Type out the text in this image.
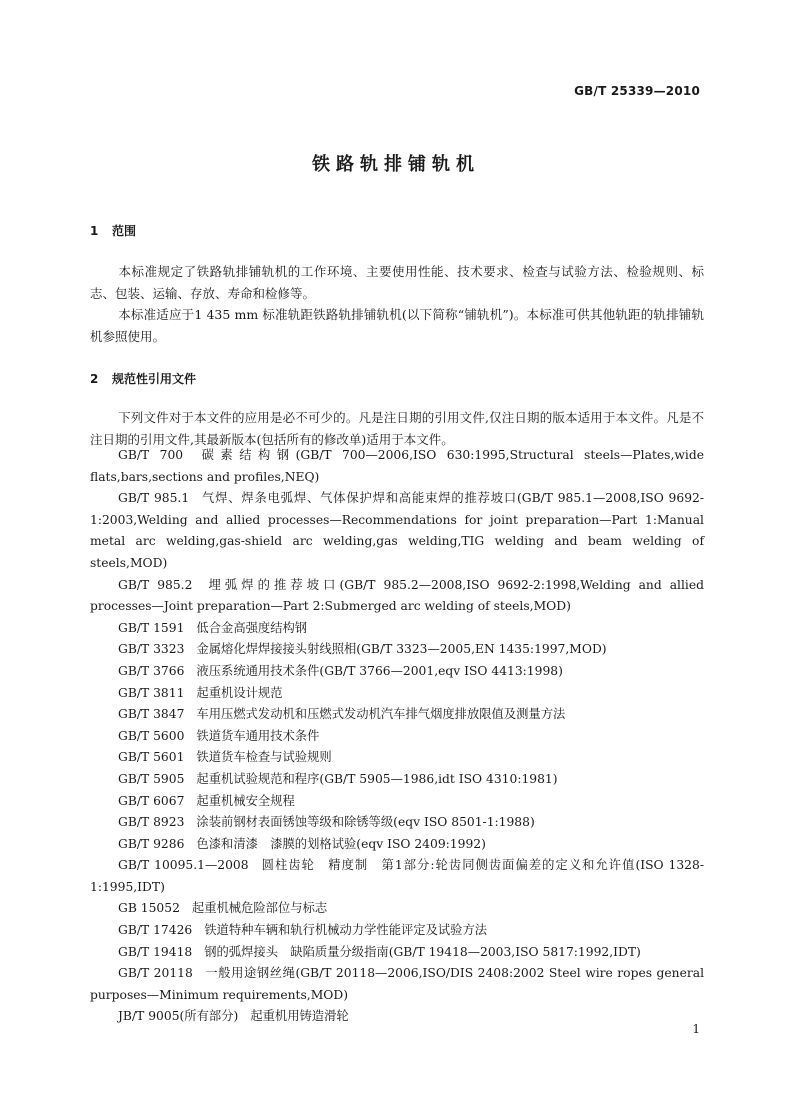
GB/T 25339—2010
铁路轨排铺轨机
1 范围
本标准规定了铁路轨排铺轨机的工作环境、主要使用性能、技术要求、检查与试验方法、检验规则、标志、包装、运输、存放、寿命和检修等。
本标准适应于1 435 mm 标准轨距铁路轨排铺轨机(以下简称“铺轨机”)。本标准可供其他轨距的轨排铺轨机参照使用。
2 规范性引用文件
下列文件对于本文件的应用是必不可少的。凡是注日期的引用文件,仅注日期的版本适用于本文件。凡是不注日期的引用文件,其最新版本(包括所有的修改单)适用于本文件。
GB/T 700 碳素结构钢(GB/T 700—2006,ISO 630:1995,Structural steels—Plates,wide flats,bars,sections and profiles,NEQ)
GB/T 985.1 气焊、焊条电弧焊、气体保护焊和高能束焊的推荐坡口(GB/T 985.1—2008,ISO 9692-1:2003,Welding and allied processes—Recommendations for joint preparation—Part 1:Manual metal arc welding,gas-shield arc welding,gas welding,TIG welding and beam welding of steels,MOD)
GB/T 985.2 埋弧焊的推荐坡口(GB/T 985.2—2008,ISO 9692-2:1998,Welding and allied processes—Joint preparation—Part 2:Submerged arc welding of steels,MOD)
GB/T 1591 低合金高强度结构钢
GB/T 3323 金属熔化焊焊接接头射线照相(GB/T 3323—2005,EN 1435:1997,MOD)
GB/T 3766 液压系统通用技术条件(GB/T 3766—2001,eqv ISO 4413:1998)
GB/T 3811 起重机设计规范
GB/T 3847 车用压燃式发动机和压燃式发动机汽车排气烟度排放限值及测量方法
GB/T 5600 铁道货车通用技术条件
GB/T 5601 铁道货车检查与试验规则
GB/T 5905 起重机试验规范和程序(GB/T 5905—1986,idt ISO 4310:1981)
GB/T 6067 起重机械安全规程
GB/T 8923 涂装前钢材表面锈蚀等级和除锈等级(eqv ISO 8501-1:1988)
GB/T 9286 色漆和清漆　漆膜的划格试验(eqv ISO 2409:1992)
GB/T 10095.1—2008 圆柱齿轮　精度制　第1部分:轮齿同侧齿面偏差的定义和允许值(ISO 1328-1:1995,IDT)
GB 15052 起重机械危险部位与标志
GB/T 17426 铁道特种车辆和轨行机械动力学性能评定及试验方法
GB/T 19418 钢的弧焊接头　缺陷质量分级指南(GB/T 19418—2003,ISO 5817:1992,IDT)
GB/T 20118 一般用途钢丝绳(GB/T 20118—2006,ISO/DIS 2408:2002 Steel wire ropes general purposes—Minimum requirements,MOD)
JB/T 9005(所有部分) 起重机用铸造滑轮
1
